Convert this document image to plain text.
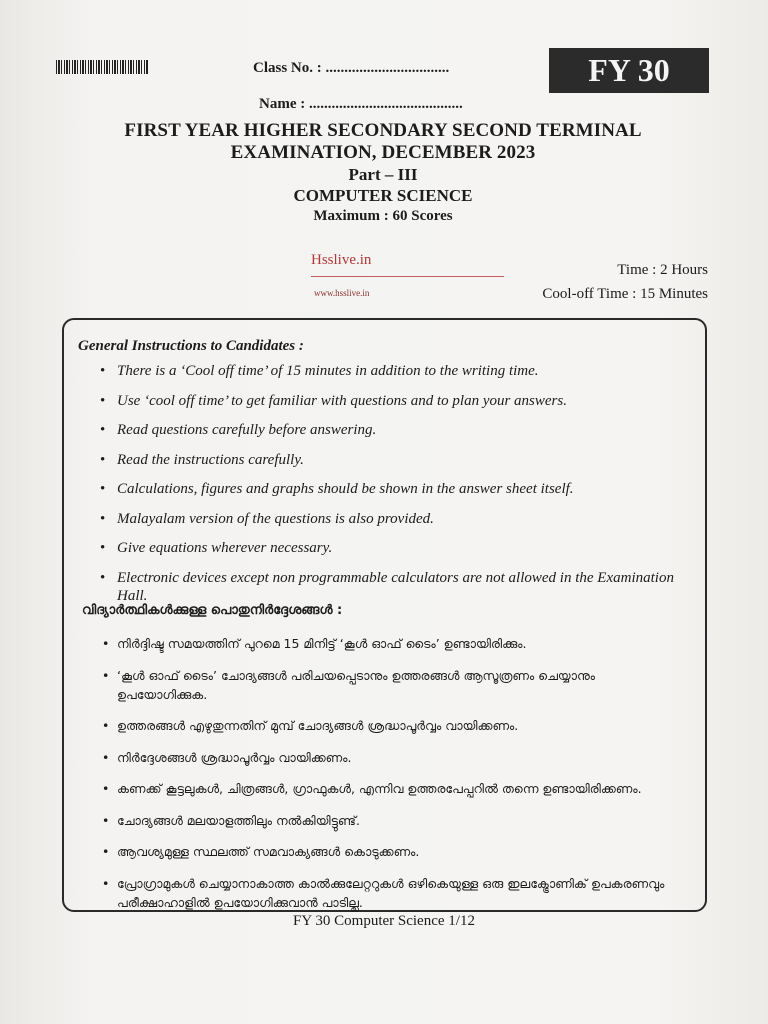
Class No. : .................................
Name : .........................................
FY 30
FIRST YEAR HIGHER SECONDARY SECOND TERMINAL
EXAMINATION, DECEMBER 2023
Part – III
COMPUTER SCIENCE
Maximum : 60 Scores
Hsslive.in
www.hsslive.in
Time : 2 Hours
Cool-off Time : 15 Minutes
General Instructions to Candidates :
• There is a ‘Cool off time’ of 15 minutes in addition to the writing time.
• Use ‘cool off time’ to get familiar with questions and to plan your answers.
• Read questions carefully before answering.
• Read the instructions carefully.
• Calculations, figures and graphs should be shown in the answer sheet itself.
• Malayalam version of the questions is also provided.
• Give equations wherever necessary.
• Electronic devices except non programmable calculators are not allowed in the Examination Hall.
വിദ്യാർത്ഥികൾക്കുള്ള പൊതുനിർദ്ദേശങ്ങൾ :
• നിർദ്ദിഷ്ട സമയത്തിന് പുറമെ 15 മിനിട്ട് ‘കൂൾ ഓഫ് ടൈം’ ഉണ്ടായിരിക്കും.
• ‘കൂൾ ഓഫ് ടൈം’ ചോദ്യങ്ങൾ പരിചയപ്പെടാനും ഉത്തരങ്ങൾ ആസൂത്രണം ചെയ്യാനും ഉപയോഗിക്കുക.
• ഉത്തരങ്ങൾ എഴുതുന്നതിന് മുമ്പ് ചോദ്യങ്ങൾ ശ്രദ്ധാപൂർവ്വം വായിക്കണം.
• നിർദ്ദേശങ്ങൾ ശ്രദ്ധാപൂർവ്വം വായിക്കണം.
• കണക്ക് കൂട്ടലുകൾ, ചിത്രങ്ങൾ, ഗ്രാഫുകൾ, എന്നിവ ഉത്തരപേപ്പറിൽ തന്നെ ഉണ്ടായിരിക്കണം.
• ചോദ്യങ്ങൾ മലയാളത്തിലും നൽകിയിട്ടുണ്ട്.
• ആവശ്യമുള്ള സ്ഥലത്ത് സമവാക്യങ്ങൾ കൊടുക്കണം.
• പ്രോഗ്രാമുകൾ ചെയ്യാനാകാത്ത കാൽക്കുലേറ്ററുകൾ ഒഴികെയുള്ള ഒരു ഇലക്ട്രോണിക് ഉപകരണവും പരീക്ഷാഹാളിൽ ഉപയോഗിക്കുവാൻ പാടില്ല.
FY 30 Computer Science 1/12
